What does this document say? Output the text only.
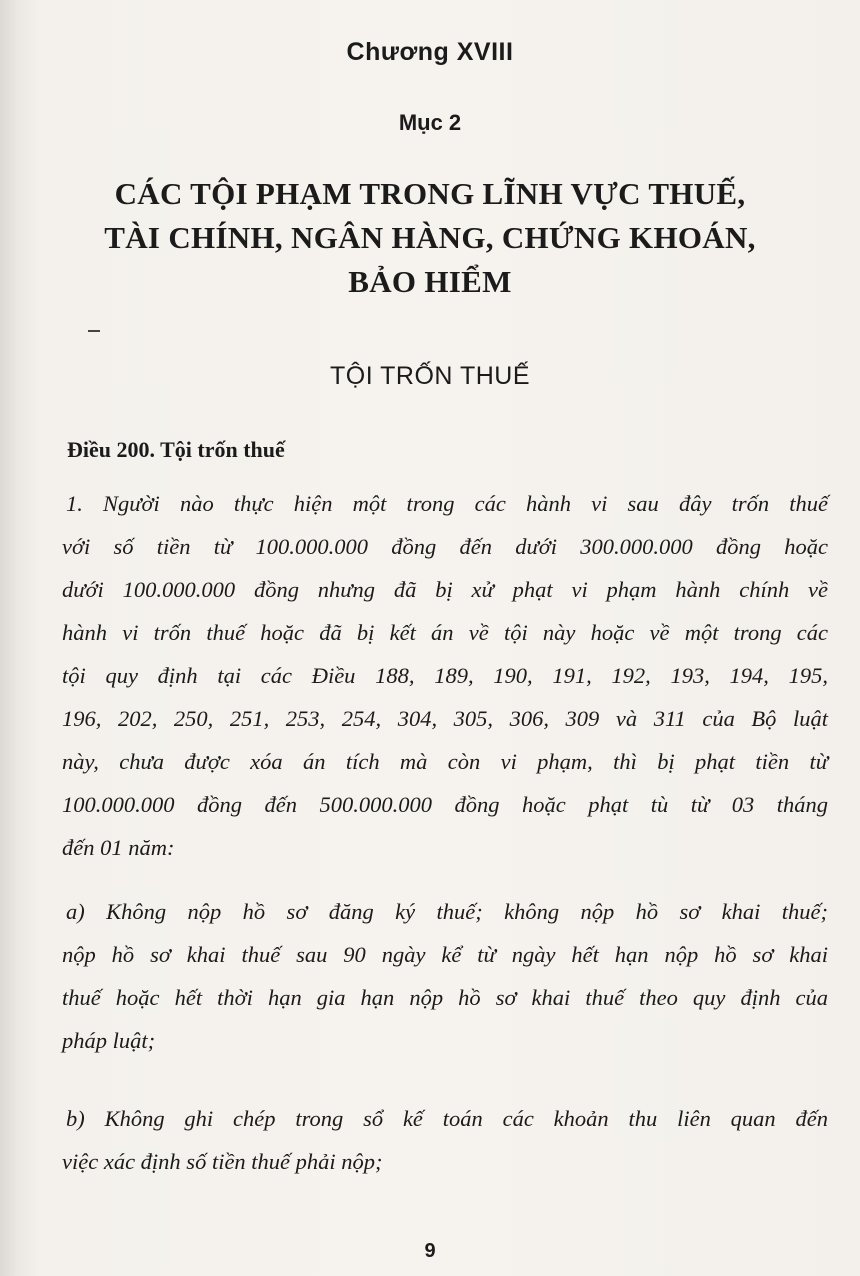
Chương XVIII
Mục 2
CÁC TỘI PHẠM TRONG LĨNH VỰC THUẾ,
TÀI CHÍNH, NGÂN HÀNG, CHỨNG KHOÁN,
BẢO HIỂM
TỘI TRỐN THUẾ
Điều 200. Tội trốn thuế
1. Người nào thực hiện một trong các hành vi sau đây trốn thuế
với số tiền từ 100.000.000 đồng đến dưới 300.000.000 đồng hoặc
dưới 100.000.000 đồng nhưng đã bị xử phạt vi phạm hành chính về
hành vi trốn thuế hoặc đã bị kết án về tội này hoặc về một trong các
tội quy định tại các Điều 188, 189, 190, 191, 192, 193, 194, 195,
196, 202, 250, 251, 253, 254, 304, 305, 306, 309 và 311 của Bộ luật
này, chưa được xóa án tích mà còn vi phạm, thì bị phạt tiền từ
100.000.000 đồng đến 500.000.000 đồng hoặc phạt tù từ 03 tháng
đến 01 năm:
a) Không nộp hồ sơ đăng ký thuế; không nộp hồ sơ khai thuế;
nộp hồ sơ khai thuế sau 90 ngày kể từ ngày hết hạn nộp hồ sơ khai
thuế hoặc hết thời hạn gia hạn nộp hồ sơ khai thuế theo quy định của
pháp luật;
b) Không ghi chép trong sổ kế toán các khoản thu liên quan đến
việc xác định số tiền thuế phải nộp;
9
